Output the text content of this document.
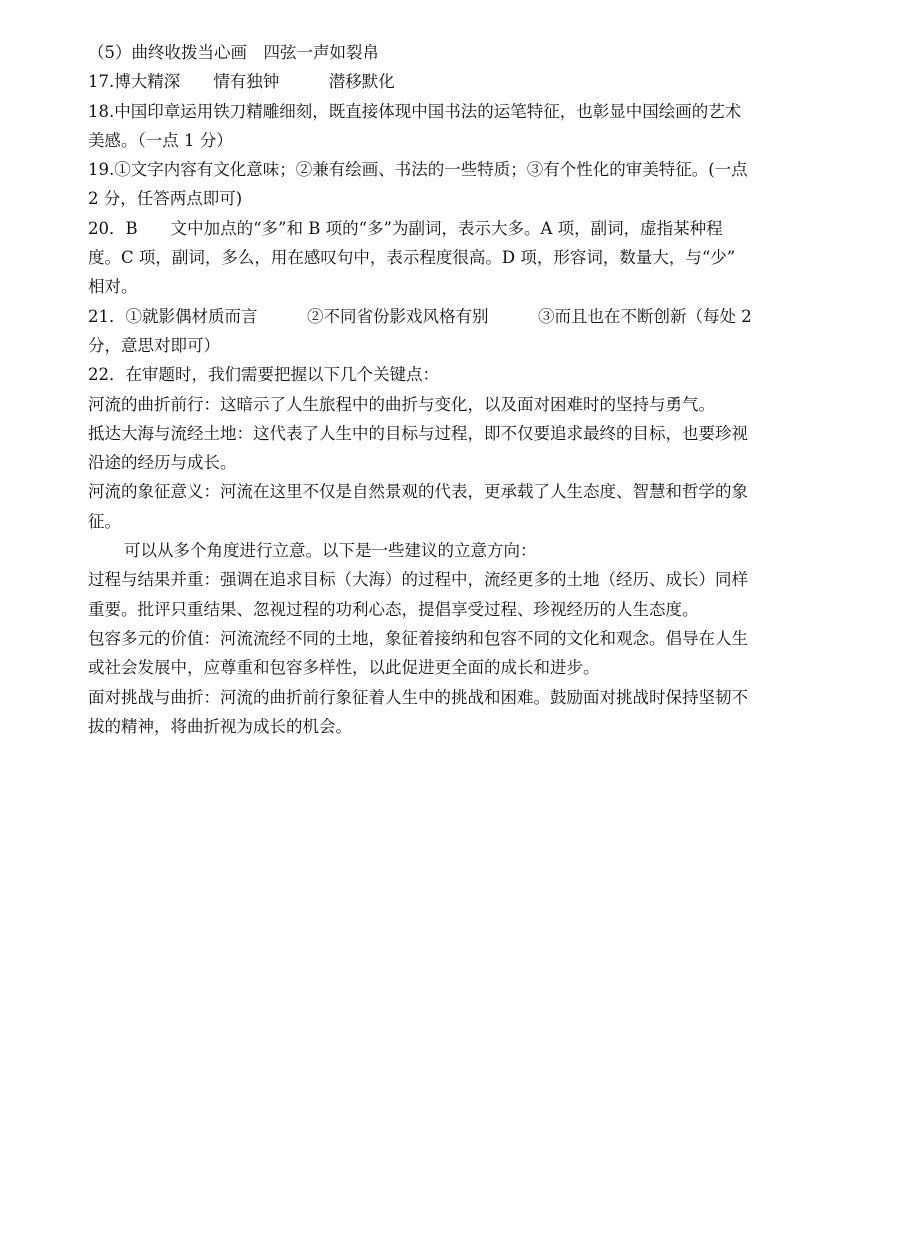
（5）曲终收拨当心画　四弦一声如裂帛
17.博大精深　　情有独钟　　　潜移默化
18.中国印章运用铁刀精雕细刻，既直接体现中国书法的运笔特征，也彰显中国绘画的艺术
美感。（一点 1 分）
19.①文字内容有文化意味；②兼有绘画、书法的一些特质；③有个性化的审美特征。(一点
2 分，任答两点即可)
20．B　　文中加点的“多”和 B 项的“多”为副词，表示大多。A 项，副词，虚指某种程
度。C 项，副词，多么，用在感叹句中，表示程度很高。D 项，形容词，数量大，与“少”
相对。
21．①就影偶材质而言　　　②不同省份影戏风格有别　　　③而且也在不断创新（每处 2
分，意思对即可）
22．在审题时，我们需要把握以下几个关键点：
河流的曲折前行：这暗示了人生旅程中的曲折与变化，以及面对困难时的坚持与勇气。
抵达大海与流经土地：这代表了人生中的目标与过程，即不仅要追求最终的目标，也要珍视
沿途的经历与成长。
河流的象征意义：河流在这里不仅是自然景观的代表，更承载了人生态度、智慧和哲学的象
征。
可以从多个角度进行立意。以下是一些建议的立意方向：
过程与结果并重：强调在追求目标（大海）的过程中，流经更多的土地（经历、成长）同样
重要。批评只重结果、忽视过程的功利心态，提倡享受过程、珍视经历的人生态度。
包容多元的价值：河流流经不同的土地，象征着接纳和包容不同的文化和观念。倡导在人生
或社会发展中，应尊重和包容多样性，以此促进更全面的成长和进步。
面对挑战与曲折：河流的曲折前行象征着人生中的挑战和困难。鼓励面对挑战时保持坚韧不
拔的精神，将曲折视为成长的机会。
